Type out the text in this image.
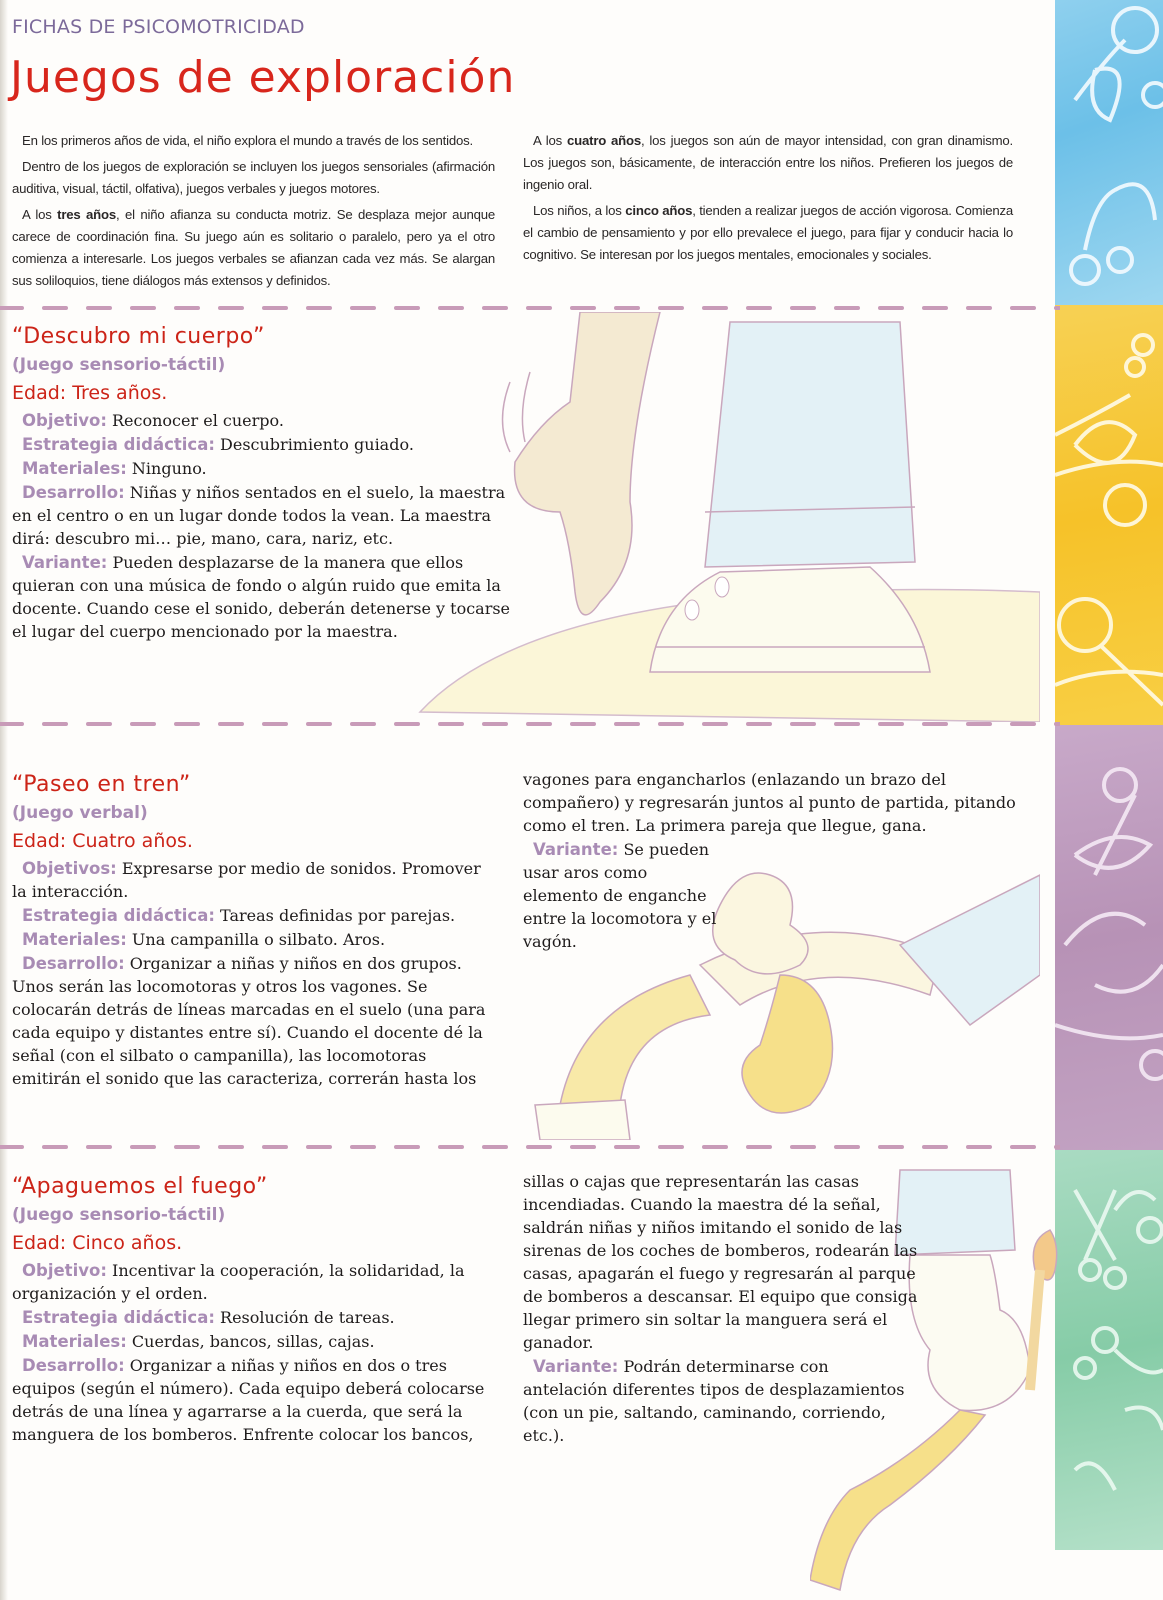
FICHAS DE PSICOMOTRICIDAD
Juegos de exploración

En los primeros años de vida, el niño explora el mundo a través de los sentidos.

Dentro de los juegos de exploración se incluyen los juegos sensoriales (afirmación auditiva, visual, táctil, olfativa), juegos verbales y juegos motores.

A los tres años, el niño afianza su conducta motriz. Se desplaza mejor aunque carece de coordinación fina. Su juego aún es solitario o paralelo, pero ya el otro comienza a interesarle. Los juegos verbales se afianzan cada vez más. Se alargan sus soliloquios, tiene diálogos más extensos y definidos.

A los cuatro años, los juegos son aún de mayor intensidad, con gran dinamismo. Los juegos son, básicamente, de interacción entre los niños. Prefieren los juegos de ingenio oral.

Los niños, a los cinco años, tienden a realizar juegos de acción vigorosa. Comienza el cambio de pensamiento y por ello prevalece el juego, para fijar y conducir hacia lo cognitivo. Se interesan por los juegos mentales, emocionales y sociales.

“Descubro mi cuerpo”
(Juego sensorio-táctil)
Edad: Tres años.
Objetivo: Reconocer el cuerpo.
Estrategia didáctica: Descubrimiento guiado.
Materiales: Ninguno.
Desarrollo: Niñas y niños sentados en el suelo, la maestra en el centro o en un lugar donde todos la vean. La maestra dirá: descubro mi… pie, mano, cara, nariz, etc.
Variante: Pueden desplazarse de la manera que ellos quieran con una música de fondo o algún ruido que emita la docente. Cuando cese el sonido, deberán detenerse y tocarse el lugar del cuerpo mencionado por la maestra.
“Paseo en tren”
(Juego verbal)
Edad: Cuatro años.
Objetivos: Expresarse por medio de sonidos. Promover la interacción.
Estrategia didáctica: Tareas definidas por parejas.
Materiales: Una campanilla o silbato. Aros.
Desarrollo: Organizar a niñas y niños en dos grupos. Unos serán las locomotoras y otros los vagones. Se colocarán detrás de líneas marcadas en el suelo (una para cada equipo y distantes entre sí). Cuando el docente dé la señal (con el silbato o campanilla), las locomotoras emitirán el sonido que las caracteriza, correrán hasta los
vagones para engancharlos (enlazando un brazo del compañero) y regresarán juntos al punto de partida, pitando como el tren. La primera pareja que llegue, gana.
Variante: Se pueden usar aros como elemento de enganche entre la locomotora y el vagón.
“Apaguemos el fuego”
(Juego sensorio-táctil)
Edad: Cinco años.
Objetivo: Incentivar la cooperación, la solidaridad, la organización y el orden.
Estrategia didáctica: Resolución de tareas.
Materiales: Cuerdas, bancos, sillas, cajas.
Desarrollo: Organizar a niñas y niños en dos o tres equipos (según el número). Cada equipo deberá colocarse detrás de una línea y agarrarse a la cuerda, que será la manguera de los bomberos. Enfrente colocar los bancos,
sillas o cajas que representarán las casas incendiadas. Cuando la maestra dé la señal, saldrán niñas y niños imitando el sonido de las sirenas de los coches de bomberos, rodearán las casas, apagarán el fuego y regresarán al parque de bomberos a descansar. El equipo que consiga llegar primero sin soltar la manguera será el ganador.
Variante: Podrán determinarse con antelación diferentes tipos de desplazamientos (con un pie, saltando, caminando, corriendo, etc.).
